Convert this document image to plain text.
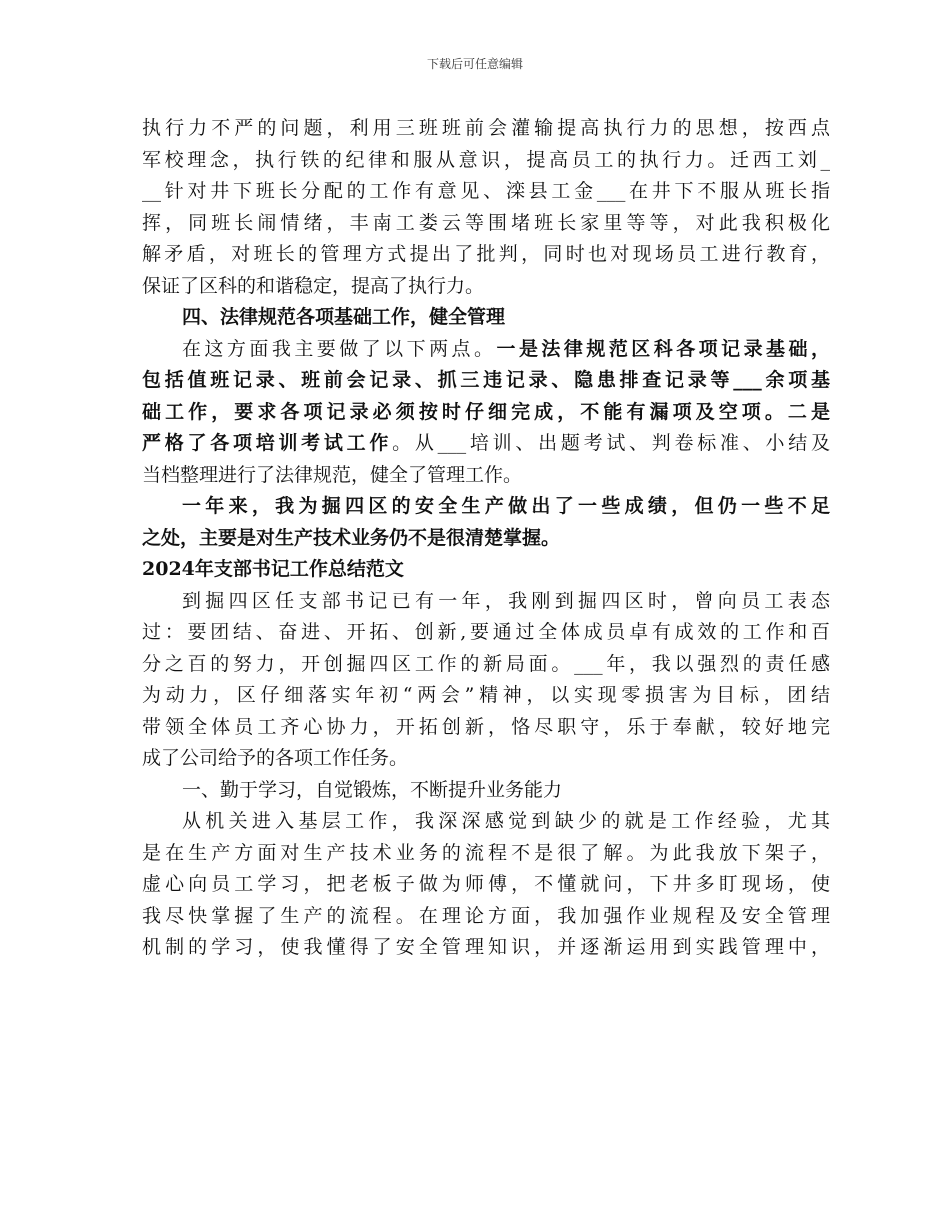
下载后可任意编辑
执行力不严的问题，利用三班班前会灌输提高执行力的思想，按西点
军校理念，执行铁的纪律和服从意识，提高员工的执行力。迁西工刘_
__针对井下班长分配的工作有意见、滦县工金___在井下不服从班长指
挥，同班长闹情绪，丰南工娄云等围堵班长家里等等，对此我积极化
解矛盾，对班长的管理方式提出了批判，同时也对现场员工进行教育，
保证了区科的和谐稳定，提高了执行力。
四、法律规范各项基础工作，健全管理
在这方面我主要做了以下两点。一是法律规范区科各项记录基础，
包括值班记录、班前会记录、抓三违记录、隐患排查记录等___余项基
础工作，要求各项记录必须按时仔细完成，不能有漏项及空项。二是
严格了各项培训考试工作。从___培训、出题考试、判卷标准、小结及
当档整理进行了法律规范，健全了管理工作。
一年来，我为掘四区的安全生产做出了一些成绩，但仍一些不足
之处，主要是对生产技术业务仍不是很清楚掌握。
2024年支部书记工作总结范文
到掘四区任支部书记已有一年，我刚到掘四区时，曾向员工表态
过：要团结、奋进、开拓、创新,要通过全体成员卓有成效的工作和百
分之百的努力，开创掘四区工作的新局面。___年，我以强烈的责任感
为动力，区仔细落实年初“两会”精神，以实现零损害为目标，团结
带领全体员工齐心协力，开拓创新，恪尽职守，乐于奉献，较好地完
成了公司给予的各项工作任务。
一、勤于学习，自觉锻炼，不断提升业务能力
从机关进入基层工作，我深深感觉到缺少的就是工作经验，尤其
是在生产方面对生产技术业务的流程不是很了解。为此我放下架子，
虚心向员工学习，把老板子做为师傅，不懂就问，下井多盯现场，使
我尽快掌握了生产的流程。在理论方面，我加强作业规程及安全管理
机制的学习，使我懂得了安全管理知识，并逐渐运用到实践管理中，
